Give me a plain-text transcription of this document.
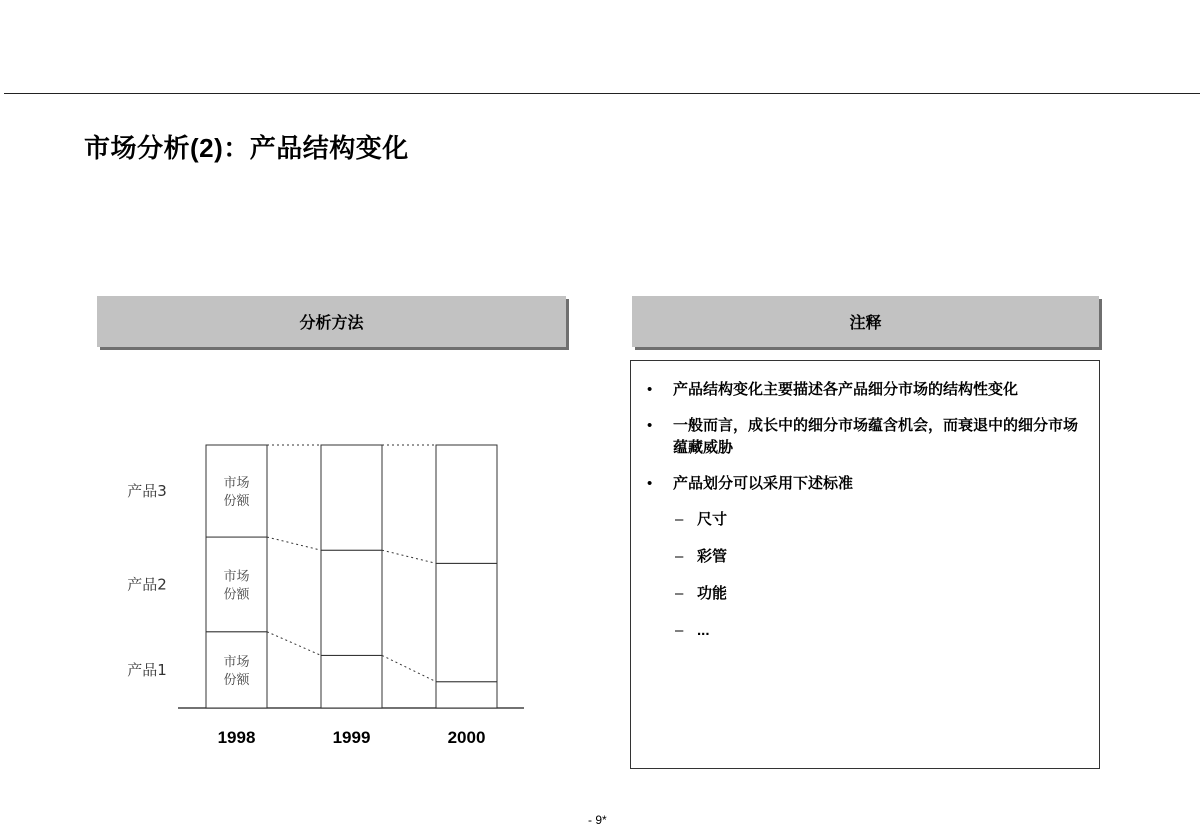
市场分析(2)：产品结构变化
分析方法	注释
市场
份额
市场
份额
市场
份额
产品1
产品2
产品3
1998	1999	2000
• 产品结构变化主要描述各产品细分市场的结构性变化
• 一般而言，成长中的细分市场蕴含机会，而衰退中的细分市场蕴藏威胁
• 产品划分可以采用下述标准
– 尺寸
– 彩管
– 功能
– ...
- 9*
